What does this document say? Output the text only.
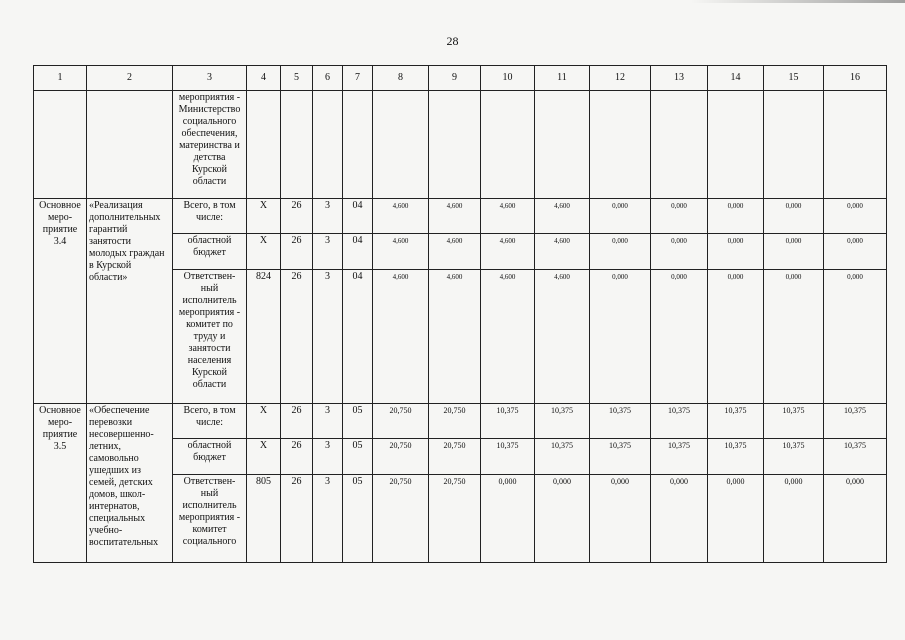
28
1	2	3	4	5	6	7	8	9	10	11	12	13	14	15	16
		мероприятия - Министерство социального обеспечения, материнства и детства Курской области													
Основное меро-приятие 3.4	«Реализация дополнительных гарантий занятости молодых граждан в Курской области»	Всего, в том числе:	Х	26	3	04	4,600	4,600	4,600	4,600	0,000	0,000	0,000	0,000	0,000
		областной бюджет	Х	26	3	04	4,600	4,600	4,600	4,600	0,000	0,000	0,000	0,000	0,000
		Ответствен-ный исполнитель мероприятия - комитет по труду и занятости населения Курской области	824	26	3	04	4,600	4,600	4,600	4,600	0,000	0,000	0,000	0,000	0,000
Основное меро-приятие 3.5	«Обеспечение перевозки несовершенно-летних, самовольно ушедших из семей, детских домов, школ-интернатов, специальных учебно-воспитательных	Всего, в том числе:	Х	26	3	05	20,750	20,750	10,375	10,375	10,375	10,375	10,375	10,375	10,375
		областной бюджет	Х	26	3	05	20,750	20,750	10,375	10,375	10,375	10,375	10,375	10,375	10,375
		Ответствен-ный исполнитель мероприятия - комитет социального	805	26	3	05	20,750	20,750	0,000	0,000	0,000	0,000	0,000	0,000	0,000
